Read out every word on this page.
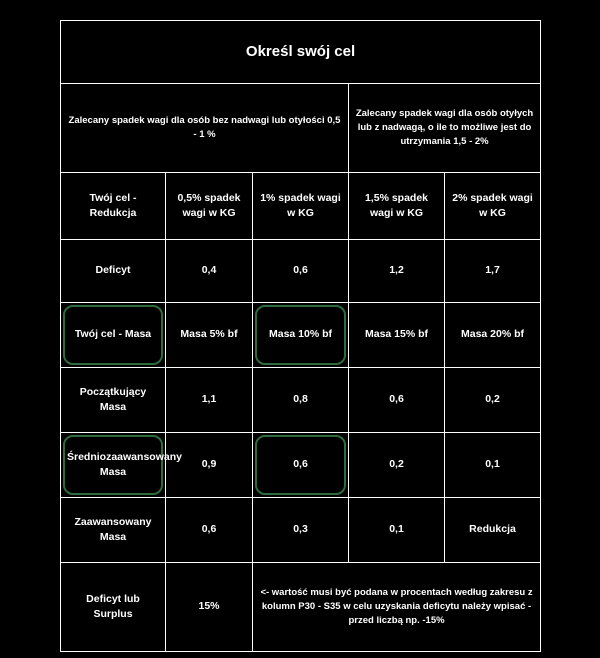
Określ swój cel				
Zalecany spadek wagi dla osób bez nadwagi lub otyłości 0,5 - 1 %			Zalecany spadek wagi dla osób otyłych lub z nadwagą, o ile to możliwe jest do utrzymania 1,5 - 2%	
Twój cel - Redukcja	0,5% spadek wagi w KG	1% spadek wagi w KG	1,5% spadek wagi w KG	2% spadek wagi w KG
Deficyt	0,4	0,6	1,2	1,7

Twój cel - Masa	Masa 5% bf	Masa 10% bf	Masa 15% bf	Masa 20% bf
Początkujący Masa	1,1	0,8	0,6	0,2

Średniozaawansowany Masa	0,9	0,6	0,2	0,1
Zaawansowany Masa	0,6	0,3	0,1	Redukcja
Deficyt lub Surplus	15%	<- wartość musi być podana w procentach według zakresu z kolumn P30 - S35 w celu uzyskania deficytu należy wpisać - przed liczbą np. -15%		
